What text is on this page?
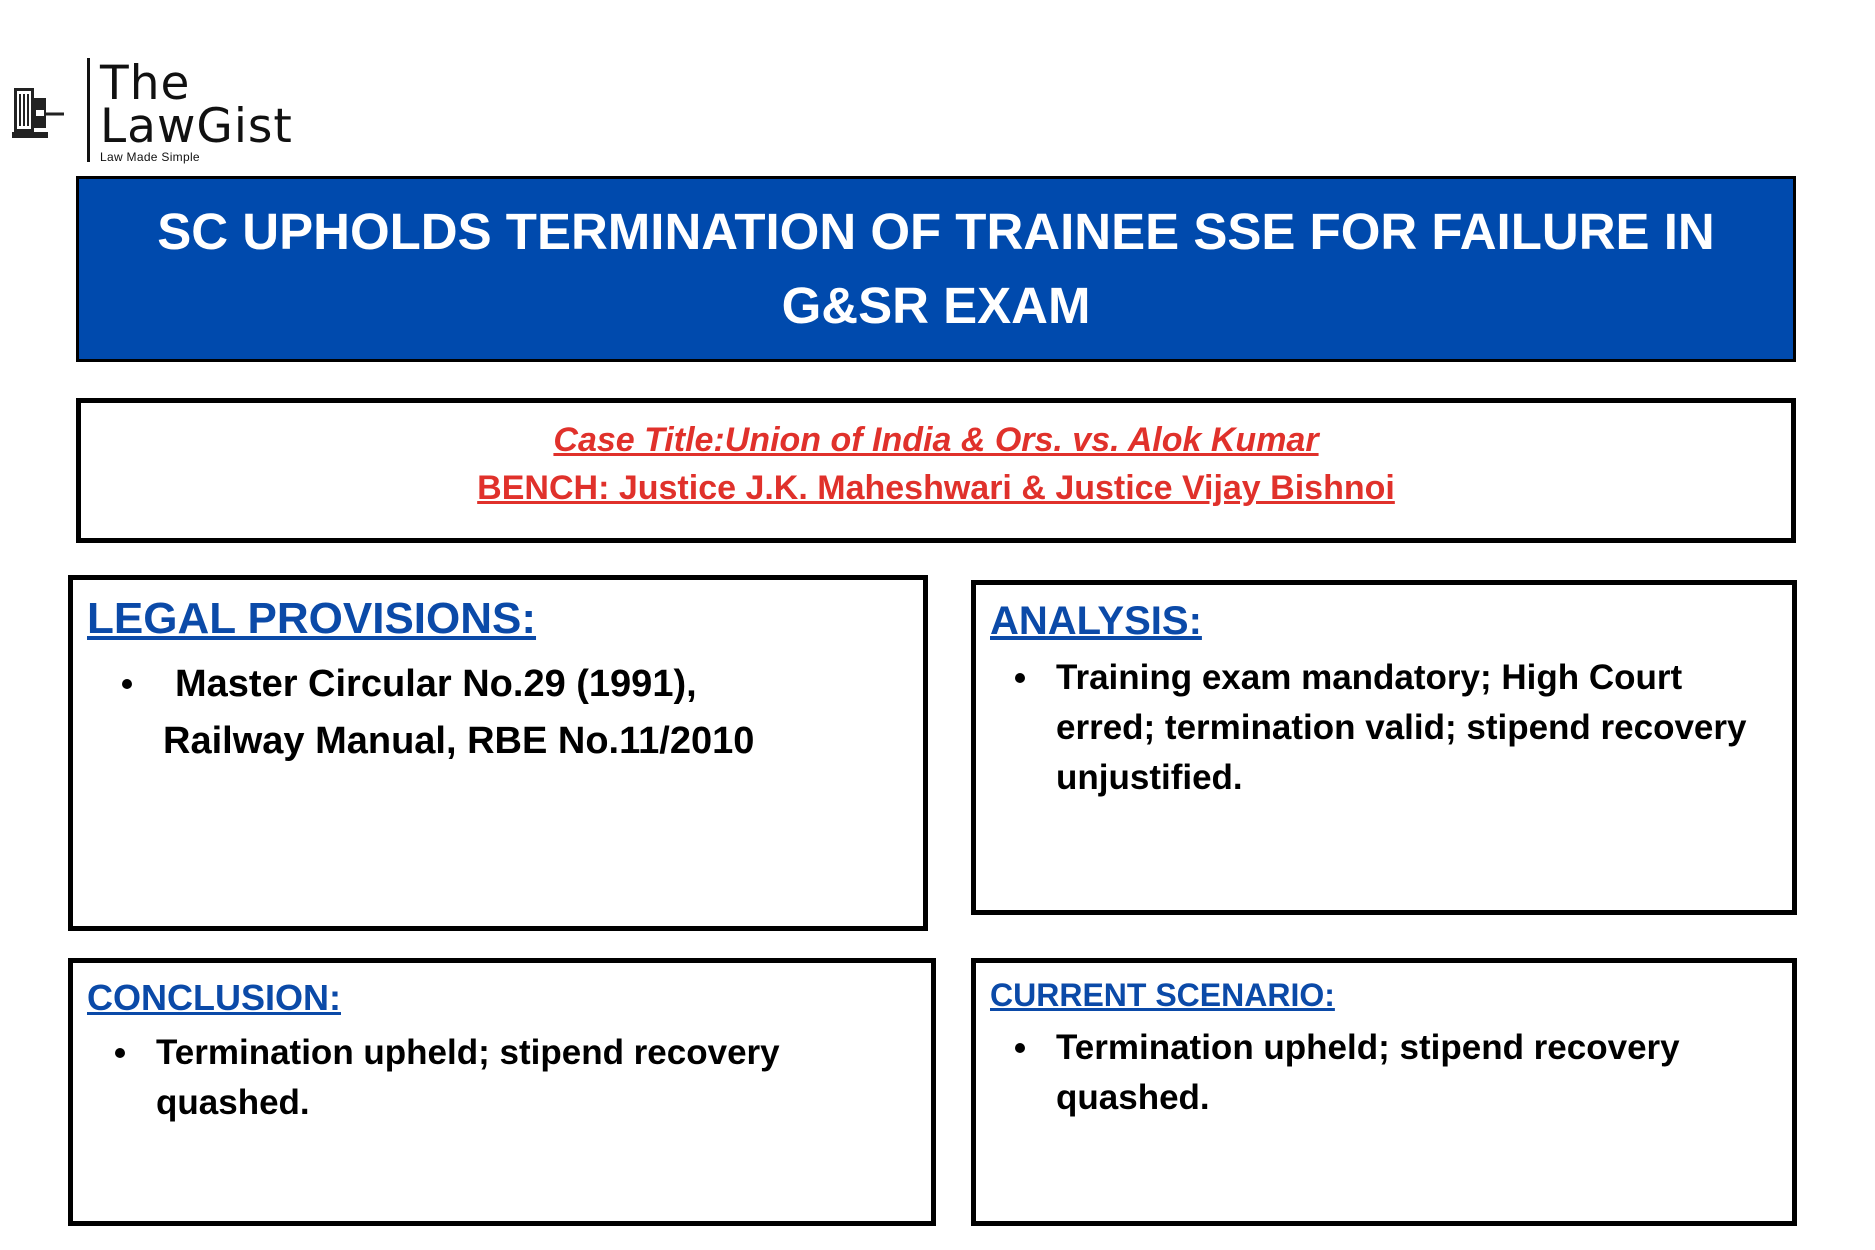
The
LawGist
Law Made Simple
SC UPHOLDS TERMINATION OF TRAINEE SSE FOR FAILURE IN G&SR EXAM
Case Title:Union of India & Ors. vs. Alok Kumar
BENCH: Justice J.K. Maheshwari & Justice Vijay Bishnoi
LEGAL PROVISIONS:
Master Circular No.29 (1991),
Railway Manual, RBE No.11/2010
ANALYSIS:
Training exam mandatory; High Court erred; termination valid; stipend recovery unjustified.
CONCLUSION:
Termination upheld; stipend recovery quashed.
CURRENT SCENARIO:
Termination upheld; stipend recovery quashed.
